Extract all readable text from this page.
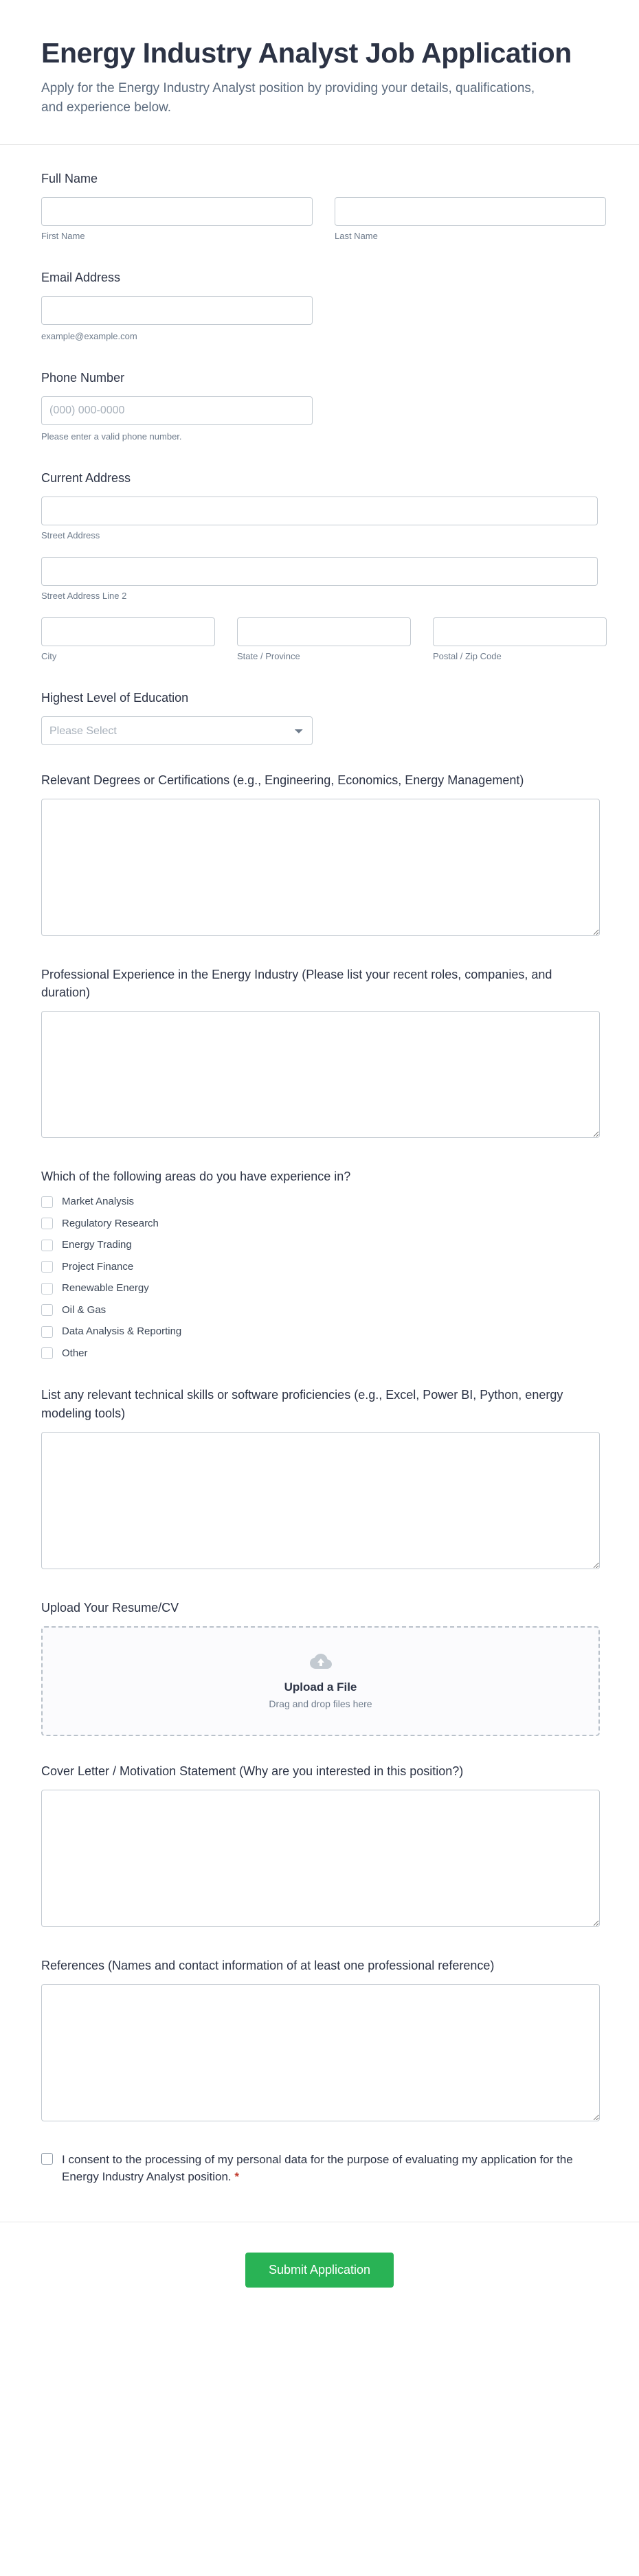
Energy Industry Analyst Job Application

Apply for the Energy Industry Analyst position by providing your details, qualifications, and experience below.

Full Name
First Name	Last Name
Email Address
example@example.com
Phone Number
(000) 000-0000
Please enter a valid phone number.
Current Address
Street Address
Street Address Line 2
City	State / Province	Postal / Zip Code
Highest Level of Education
Please Select
Relevant Degrees or Certifications (e.g., Engineering, Economics, Energy Management)
Professional Experience in the Energy Industry (Please list your recent roles, companies, and duration)
Which of the following areas do you have experience in?
Market Analysis
Regulatory Research
Energy Trading
Project Finance
Renewable Energy
Oil & Gas
Data Analysis & Reporting
Other
List any relevant technical skills or software proficiencies (e.g., Excel, Power BI, Python, energy modeling tools)
Upload Your Resume/CV
Upload a File
Drag and drop files here
Cover Letter / Motivation Statement (Why are you interested in this position?)
References (Names and contact information of at least one professional reference)
I consent to the processing of my personal data for the purpose of evaluating my application for the Energy Industry Analyst position. *
Submit Application
